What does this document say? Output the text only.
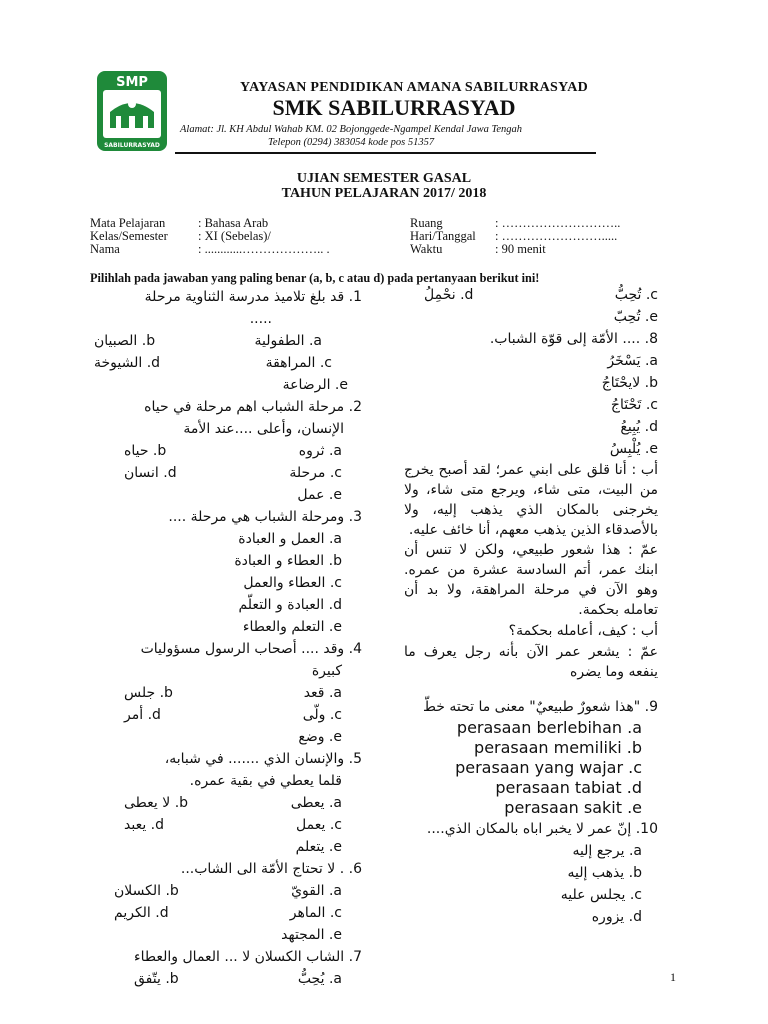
SMP
SABILURRASYAD
YAYASAN PENDIDIKAN AMANA SABILURRASYAD
SMK SABILURRASYAD
Alamat: Jl. KH Abdul Wahab KM. 02 Bojonggede-Ngampel Kendal Jawa Tengah
Telepon (0294) 383054 kode pos 51357
UJIAN SEMESTER GASAL
TAHUN PELAJARAN 2017/ 2018
Mata Pelajaran	: Bahasa Arab
Kelas/Semester	: XI (Sebelas)/
Nama	: ............……………….. .
Ruang	: ………………………..
Hari/Tanggal	: …………………….....
Waktu	: 90 menit
Pilihlah pada jawaban yang paling benar (a, b, c atau d) pada pertanyaan berikut ini!
1. قد بلغ تلاميذ مدرسة الثناوية مرحلة
.....
a. الطفولية
b. الصبيان
c. المراهقة
d. الشيوخة
e. الرضاعة
2. مرحلة الشباب اهم مرحلة في حياه
الإنسان، وأعلى ....عند الأمة
a. ثروه
b. حياه
c. مرحلة
d. انسان
e. عمل
3. ومرحلة الشباب هي مرحلة ....
a. العمل و العبادة
b. العطاء و العبادة
c. العطاء والعمل
d. العبادة و التعلّم
e. التعلم والعطاء
4. وقد .... أصحاب الرسول مسؤوليات
كبيرة
a. قعد
b. جلس
c. ولّى
d. أمر
e. وضع
5. والإنسان الذي ....... في شبابه،
قلما يعطي في بقية عمره.
a. يعطى
b. لا يعطى
c. يعمل
d. يعبد
e. يتعلم
6. . لا تحتاج الأمّة الى الشاب...
a. القويّ
b. الكسلان
c. الماهر
d. الكريم
e. المجتهد
7. الشاب الكسلان لا ... العمال والعطاء
a. يُحِبُّ
b. يتّفق
c. تُحِبُّ
d. نحْمِلُ
e. تُحِبّ
8. .... الأمّة إلى قوّة الشباب.
a. يَسْخَرُ
b. لايحْتَاجُ
c. تَحْتَاجُ
d. يُبِيعُ
e. يُلْبِسُ
أب : أنا قلق على ابني عمر؛ لقد أصبح يخرج من البيت، متى شاء، ويرجع متى شاء، ولا يخرجنى بالمكان الذي يذهب إليه، ولا بالأصدقاء الذين يذهب معهم، أنا خائف عليه.
عمّ : هذا شعور طبيعي، ولكن لا تنس أن ابنك عمر، أتم السادسة عشرة من عمره. وهو الآن في مرحلة المراهقة، ولا بد أن تعامله بحكمة.
أب : كيف، أعامله بحكمة؟
عمّ : يشعر عمر الآن بأنه رجل يعرف ما ينفعه وما يضره
9. "هذا شعورٌ طبيعيٌ" معنى ما تحته خطّ
perasaan berlebihan .a
perasaan memiliki .b
perasaan yang wajar .c
perasaan tabiat .d
perasaan sakit .e
10. إنّ عمر لا يخبر اباه بالمكان الذي....
a. يرجع إليه
b. يذهب إليه
c. يجلس عليه
d. يزوره
1
